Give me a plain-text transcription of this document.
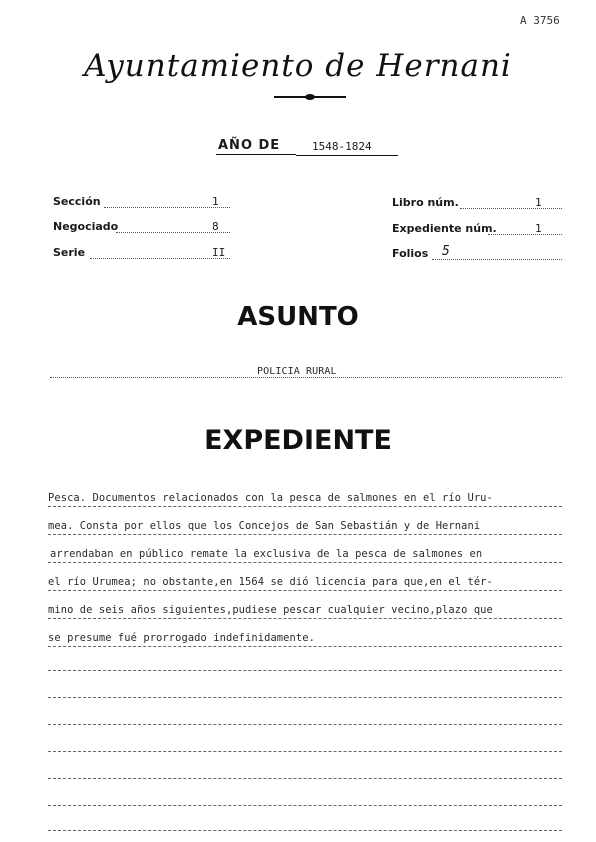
A 3756
Ayuntamiento de Hernani
AÑO DE	1548-1824
Sección	1
Negociado	8
Serie	II
Libro núm.	1
Expediente núm.	1
Folios 5
ASUNTO
POLICIA RURAL
EXPEDIENTE
Pesca. Documentos relacionados con la pesca de salmones en el río Uru-
mea. Consta por ellos que los Concejos de San Sebastián y de Hernani
arrendaban en público remate la exclusiva de la pesca de salmones en
el río Urumea; no obstante,en 1564 se dió licencia para que,en el tér-
mino de seis años siguientes,pudiese pescar cualquier vecino,plazo que
se presume fué prorrogado indefinidamente.
